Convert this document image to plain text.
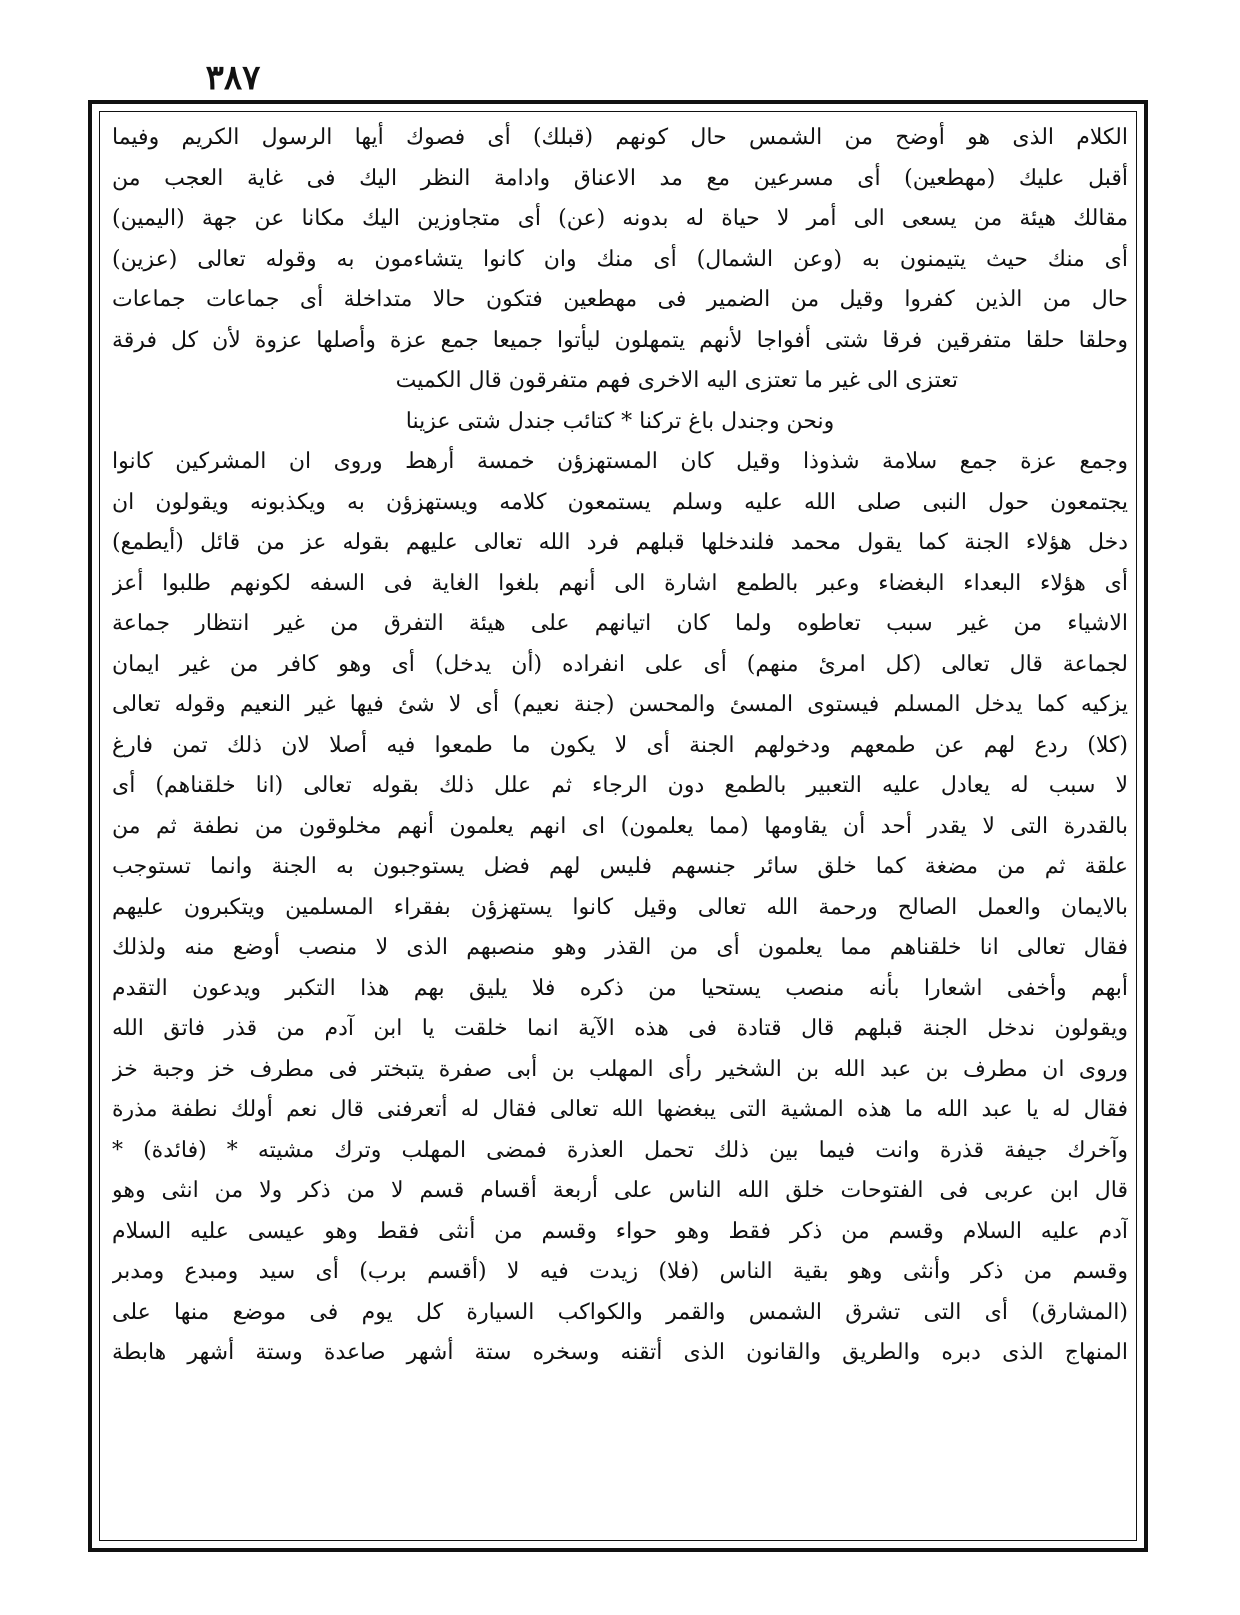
٣٨٧
الكلام الذى هو أوضح من الشمس حال كونهم (قبلك) أى فصوك أيها الرسول الكريم وفيما
أقبل عليك (مهطعين) أى مسرعين مع مد الاعناق وادامة النظر اليك فى غاية العجب من
مقالك هيئة من يسعى الى أمر لا حياة له بدونه (عن) أى متجاوزين اليك مكانا عن جهة (اليمين)
أى منك حيث يتيمنون به (وعن الشمال) أى منك وان كانوا يتشاءمون به وقوله تعالى (عزين)
حال من الذين كفروا وقيل من الضمير فى مهطعين فتكون حالا متداخلة أى جماعات جماعات
وحلقا حلقا متفرقين فرقا شتى أفواجا لأنهم يتمهلون ليأتوا جميعا جمع عزة وأصلها عزوة لأن كل فرقة
تعتزى الى غير ما تعتزى اليه الاخرى فهم متفرقون قال الكميت
ونحن وجندل باغ تركنا * كتائب جندل شتى عزينا
وجمع عزة جمع سلامة شذوذا وقيل كان المستهزؤن خمسة أرهط وروى ان المشركين كانوا
يجتمعون حول النبى صلى الله عليه وسلم يستمعون كلامه ويستهزؤن به ويكذبونه ويقولون ان
دخل هؤلاء الجنة كما يقول محمد فلندخلها قبلهم فرد الله تعالى عليهم بقوله عز من قائل (أيطمع)
أى هؤلاء البعداء البغضاء وعبر بالطمع اشارة الى أنهم بلغوا الغاية فى السفه لكونهم طلبوا أعز
الاشياء من غير سبب تعاطوه ولما كان اتيانهم على هيئة التفرق من غير انتظار جماعة
لجماعة قال تعالى (كل امرئ منهم) أى على انفراده (أن يدخل) أى وهو كافر من غير ايمان
يزكيه كما يدخل المسلم فيستوى المسئ والمحسن (جنة نعيم) أى لا شئ فيها غير النعيم وقوله تعالى
(كلا) ردع لهم عن طمعهم ودخولهم الجنة أى لا يكون ما طمعوا فيه أصلا لان ذلك تمن فارغ
لا سبب له يعادل عليه التعبير بالطمع دون الرجاء ثم علل ذلك بقوله تعالى (انا خلقناهم) أى
بالقدرة التى لا يقدر أحد أن يقاومها (مما يعلمون) اى انهم يعلمون أنهم مخلوقون من نطفة ثم من
علقة ثم من مضغة كما خلق سائر جنسهم فليس لهم فضل يستوجبون به الجنة وانما تستوجب
بالايمان والعمل الصالح ورحمة الله تعالى وقيل كانوا يستهزؤن بفقراء المسلمين ويتكبرون عليهم
فقال تعالى انا خلقناهم مما يعلمون أى من القذر وهو منصبهم الذى لا منصب أوضع منه ولذلك
أبهم وأخفى اشعارا بأنه منصب يستحيا من ذكره فلا يليق بهم هذا التكبر ويدعون التقدم
ويقولون ندخل الجنة قبلهم قال قتادة فى هذه الآية انما خلقت يا ابن آدم من قذر فاتق الله
وروى ان مطرف بن عبد الله بن الشخير رأى المهلب بن أبى صفرة يتبختر فى مطرف خز وجبة خز
فقال له يا عبد الله ما هذه المشية التى يبغضها الله تعالى فقال له أتعرفنى قال نعم أولك نطفة مذرة
وآخرك جيفة قذرة وانت فيما بين ذلك تحمل العذرة فمضى المهلب وترك مشيته * (فائدة) *
قال ابن عربى فى الفتوحات خلق الله الناس على أربعة أقسام قسم لا من ذكر ولا من انثى وهو
آدم عليه السلام وقسم من ذكر فقط وهو حواء وقسم من أنثى فقط وهو عيسى عليه السلام
وقسم من ذكر وأنثى وهو بقية الناس (فلا) زيدت فيه لا (أقسم برب) أى سيد ومبدع ومدبر
(المشارق) أى التى تشرق الشمس والقمر والكواكب السيارة كل يوم فى موضع منها على
المنهاج الذى دبره والطريق والقانون الذى أتقنه وسخره ستة أشهر صاعدة وستة أشهر هابطة
